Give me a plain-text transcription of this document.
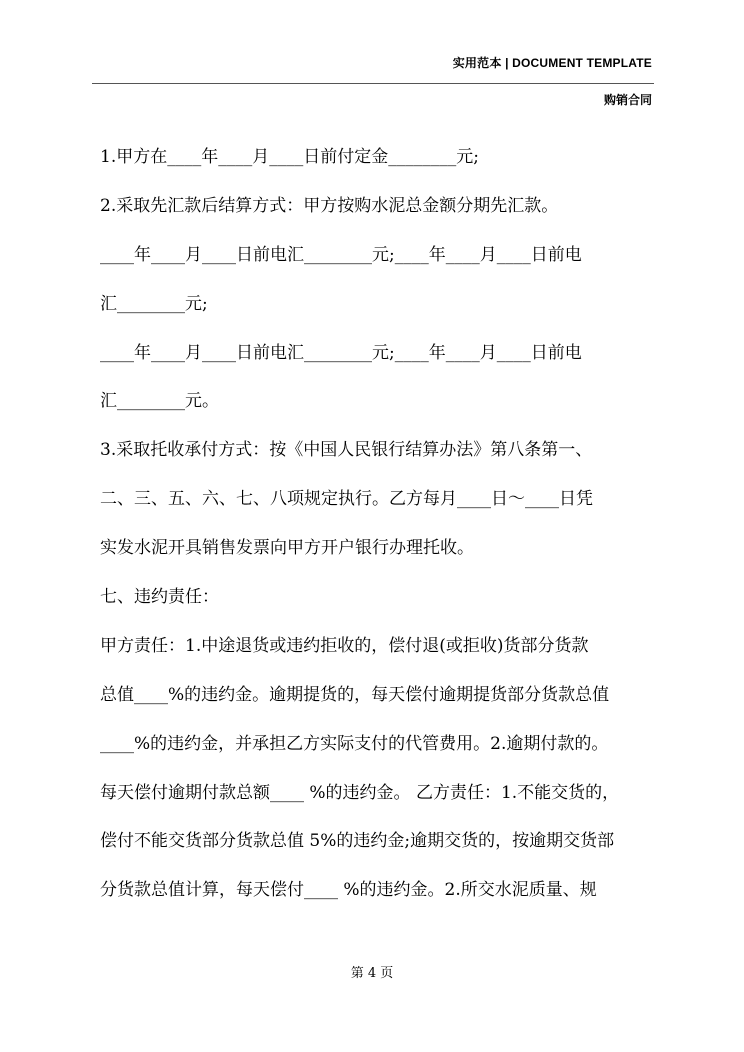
实用范本 | DOCUMENT TEMPLATE
购销合同
1.甲方在____年____月____日前付定金________元;
2.采取先汇款后结算方式：甲方按购水泥总金额分期先汇款。
____年____月____日前电汇________元;____年____月____日前电
汇________元;
____年____月____日前电汇________元;____年____月____日前电
汇________元。
3.采取托收承付方式：按《中国人民银行结算办法》第八条第一、
二、三、五、六、七、八项规定执行。乙方每月____日～____日凭
实发水泥开具销售发票向甲方开户银行办理托收。
七、违约责任：
甲方责任：1.中途退货或违约拒收的，偿付退(或拒收)货部分货款
总值____%的违约金。逾期提货的，每天偿付逾期提货部分货款总值
____%的违约金，并承担乙方实际支付的代管费用。2.逾期付款的。
每天偿付逾期付款总额____ %的违约金。 乙方责任：1.不能交货的，
偿付不能交货部分货款总值 5%的违约金;逾期交货的，按逾期交货部
分货款总值计算，每天偿付____ %的违约金。2.所交水泥质量、规
第 4 页
